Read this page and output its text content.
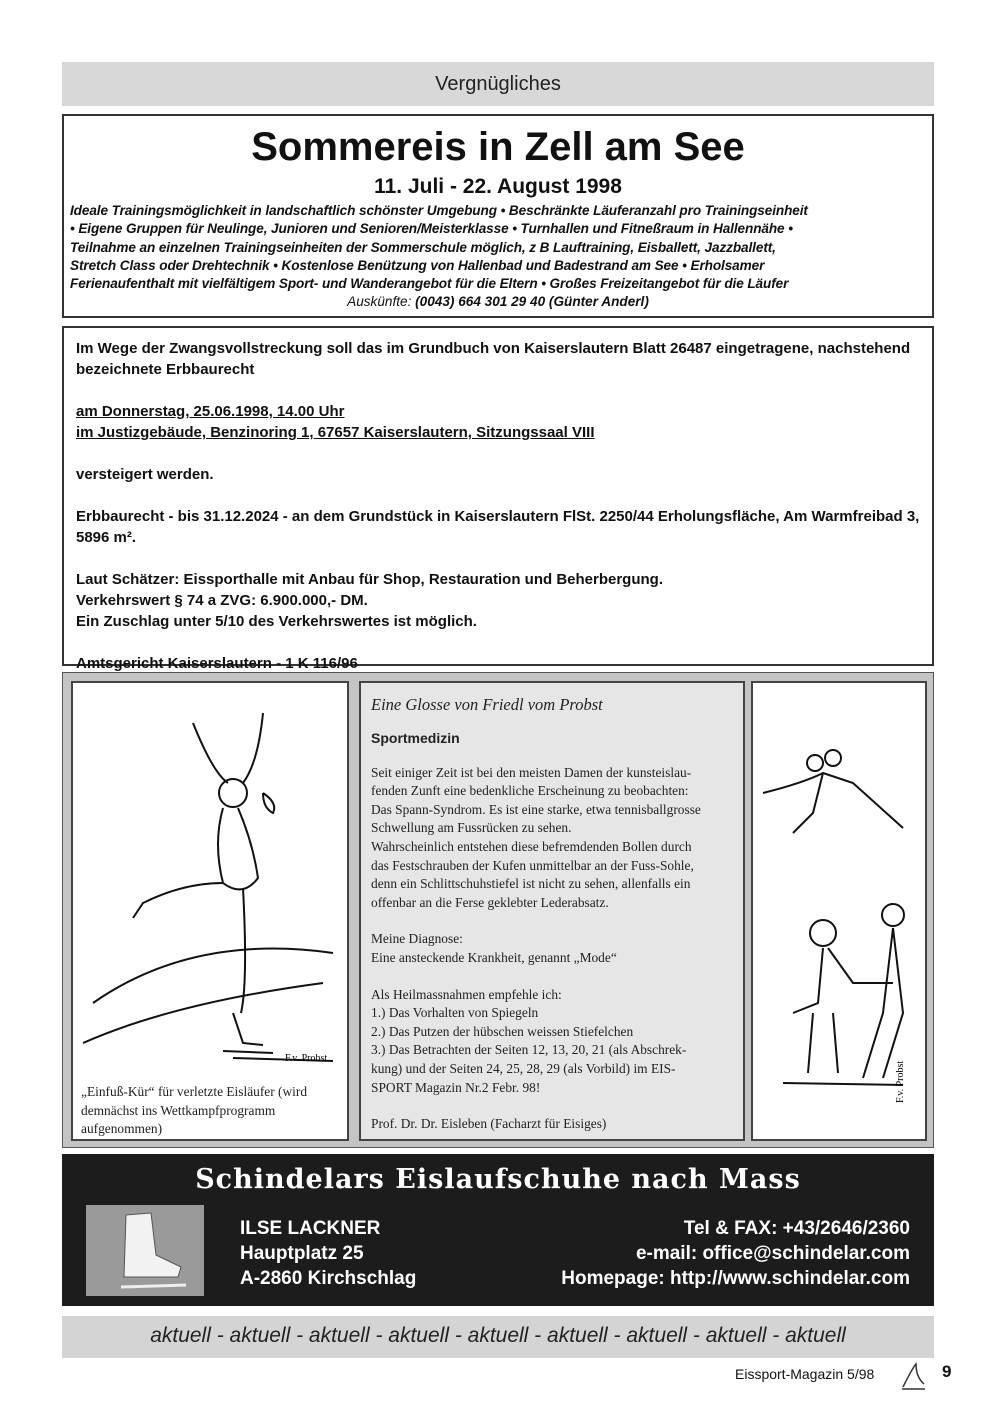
Vergnügliches
Sommereis in Zell am See
11. Juli - 22. August 1998
Ideale Trainingsmöglichkeit in landschaftlich schönster Umgebung • Beschränkte Läuferanzahl pro Trainingseinheit
• Eigene Gruppen für Neulinge, Junioren und Senioren/Meisterklasse • Turnhallen und Fitneßraum in Hallennähe •
Teilnahme an einzelnen Trainingseinheiten der Sommerschule möglich, z B Lauftraining, Eisballett, Jazzballett,
Stretch Class oder Drehtechnik • Kostenlose Benützung von Hallenbad und Badestrand am See • Erholsamer
Ferienaufenthalt mit vielfältigem Sport- und Wanderangebot für die Eltern • Großes Freizeitangebot für die Läufer
Auskünfte: (0043) 664 301 29 40 (Günter Anderl)

Im Wege der Zwangsvollstreckung soll das im Grundbuch von Kaiserslautern Blatt 26487 eingetragene, nachstehend bezeichnete Erbbaurecht

am Donnerstag, 25.06.1998, 14.00 Uhr
im Justizgebäude, Benzinoring 1, 67657 Kaiserslautern, Sitzungssaal VIII

versteigert werden.

Erbbaurecht - bis 31.12.2024 - an dem Grundstück in Kaiserslautern FlSt. 2250/44 Erholungsfläche, Am Warmfreibad 3, 5896 m².

Laut Schätzer: Eissporthalle mit Anbau für Shop, Restauration und Beherbergung.
Verkehrswert § 74 a ZVG: 6.900.000,- DM.
Ein Zuschlag unter 5/10 des Verkehrswertes ist möglich.

Amtsgericht Kaiserslautern - 1 K 116/96

F.v. Probst
„Einfuß-Kür“ für verletzte Eisläufer (wird demnächst ins Wettkampfprogramm aufgenommen)
Eine Glosse von Friedl vom Probst
Sportmedizin
Seit einiger Zeit ist bei den meisten Damen der kunsteislau-
fenden Zunft eine bedenkliche Erscheinung zu beobachten:
Das Spann-Syndrom. Es ist eine starke, etwa tennisballgrosse
Schwellung am Fussrücken zu sehen.
Wahrscheinlich entstehen diese befremdenden Bollen durch
das Festschrauben der Kufen unmittelbar an der Fuss-Sohle,
denn ein Schlittschuhstiefel ist nicht zu sehen, allenfalls ein
offenbar an die Ferse geklebter Lederabsatz.
Meine Diagnose:
Eine ansteckende Krankheit, genannt „Mode“
Als Heilmassnahmen empfehle ich:
1.) Das Vorhalten von Spiegeln
2.) Das Putzen der hübschen weissen Stiefelchen
3.) Das Betrachten der Seiten 12, 13, 20, 21 (als Abschrek-
kung) und der Seiten 24, 25, 28, 29 (als Vorbild) im EIS-
SPORT Magazin Nr.2 Febr. 98!
Prof. Dr. Dr. Eisleben (Facharzt für Eisiges)
F.v. Probst
Schindelars Eislaufschuhe nach Mass
ILSE LACKNER
Hauptplatz 25
A-2860 Kirchschlag
Tel & FAX: +43/2646/2360
e-mail: office@schindelar.com
Homepage: http://www.schindelar.com
aktuell - aktuell - aktuell - aktuell - aktuell - aktuell - aktuell - aktuell - aktuell
Eissport-Magazin 5/98	9
